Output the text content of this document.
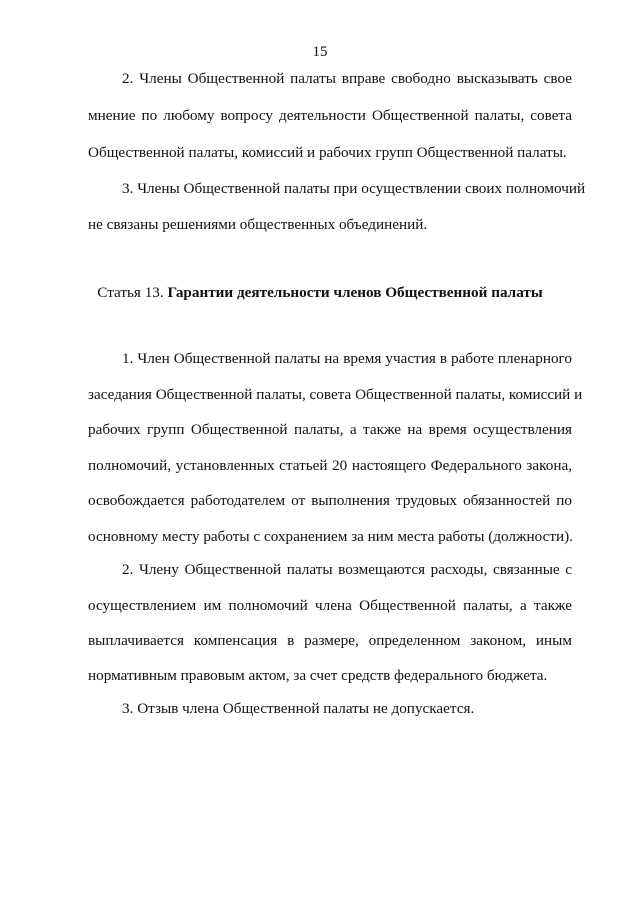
15
2. Члены Общественной палаты вправе свободно высказывать свое
мнение по любому вопросу деятельности Общественной палаты, совета
Общественной палаты, комиссий и рабочих групп Общественной палаты.
3. Члены Общественной палаты при осуществлении своих полномочий
не связаны решениями общественных объединений.
Статья 13. Гарантии деятельности членов Общественной палаты
1. Член Общественной палаты на время участия в работе пленарного
заседания Общественной палаты, совета Общественной палаты, комиссий и
рабочих групп Общественной палаты, а также на время осуществления
полномочий, установленных статьей 20 настоящего Федерального закона,
освобождается работодателем от выполнения трудовых обязанностей по
основному месту работы с сохранением за ним места работы (должности).
2. Члену Общественной палаты возмещаются расходы, связанные с
осуществлением им полномочий члена Общественной палаты, а также
выплачивается компенсация в размере, определенном законом, иным
нормативным правовым актом, за счет средств федерального бюджета.
3. Отзыв члена Общественной палаты не допускается.
